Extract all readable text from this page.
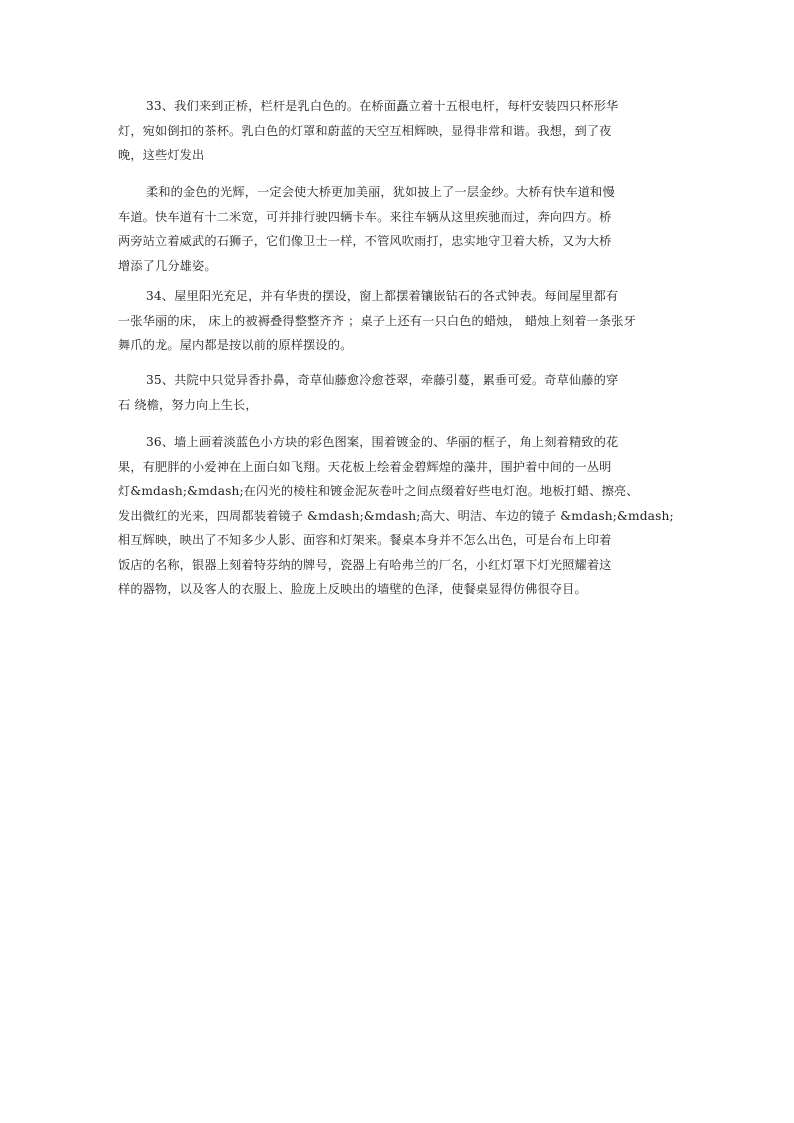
33、我们来到正桥，栏杆是乳白色的。在桥面矗立着十五根电杆，每杆安装四只杯形华
灯，宛如倒扣的茶杯。乳白色的灯罩和蔚蓝的天空互相辉映，显得非常和谐。我想，到了夜
晚，这些灯发出
柔和的金色的光辉，一定会使大桥更加美丽，犹如披上了一层金纱。大桥有快车道和慢
车道。快车道有十二米宽，可并排行驶四辆卡车。来往车辆从这里疾驰而过，奔向四方。桥
两旁站立着威武的石狮子，它们像卫士一样，不管风吹雨打，忠实地守卫着大桥，又为大桥
增添了几分雄姿。
34、屋里阳光充足，并有华贵的摆设，窗上都摆着镶嵌钻石的各式钟表。每间屋里都有
一张华丽的床， 床上的被褥叠得整整齐齐 ；桌子上还有一只白色的蜡烛， 蜡烛上刻着一条张牙
舞爪的龙。屋内都是按以前的原样摆设的。
35、共院中只觉异香扑鼻，奇草仙藤愈冷愈苍翠，牵藤引蔓，累垂可爱。奇草仙藤的穿
石 绕檐，努力向上生长，
36、墙上画着淡蓝色小方块的彩色图案，围着镀金的、华丽的框子，角上刻着精致的花
果，有肥胖的小爱神在上面白如飞翔。天花板上绘着金碧辉煌的藻井，围护着中间的一丛明
灯&mdash;&mdash;在闪光的棱柱和镀金泥灰卷叶之间点缀着好些电灯泡。地板打蜡、擦亮、
发出微红的光来，四周都装着镜子 &mdash;&mdash;高大、明洁、车边的镜子 &mdash;&mdash;
相互辉映，映出了不知多少人影、面容和灯架来。餐桌本身并不怎么出色，可是台布上印着
饭店的名称，银器上刻着特芬纳的牌号，瓷器上有哈弗兰的厂名，小红灯罩下灯光照耀着这
样的器物，以及客人的衣服上、脸庞上反映出的墙壁的色泽，使餐桌显得仿佛很夺目。
